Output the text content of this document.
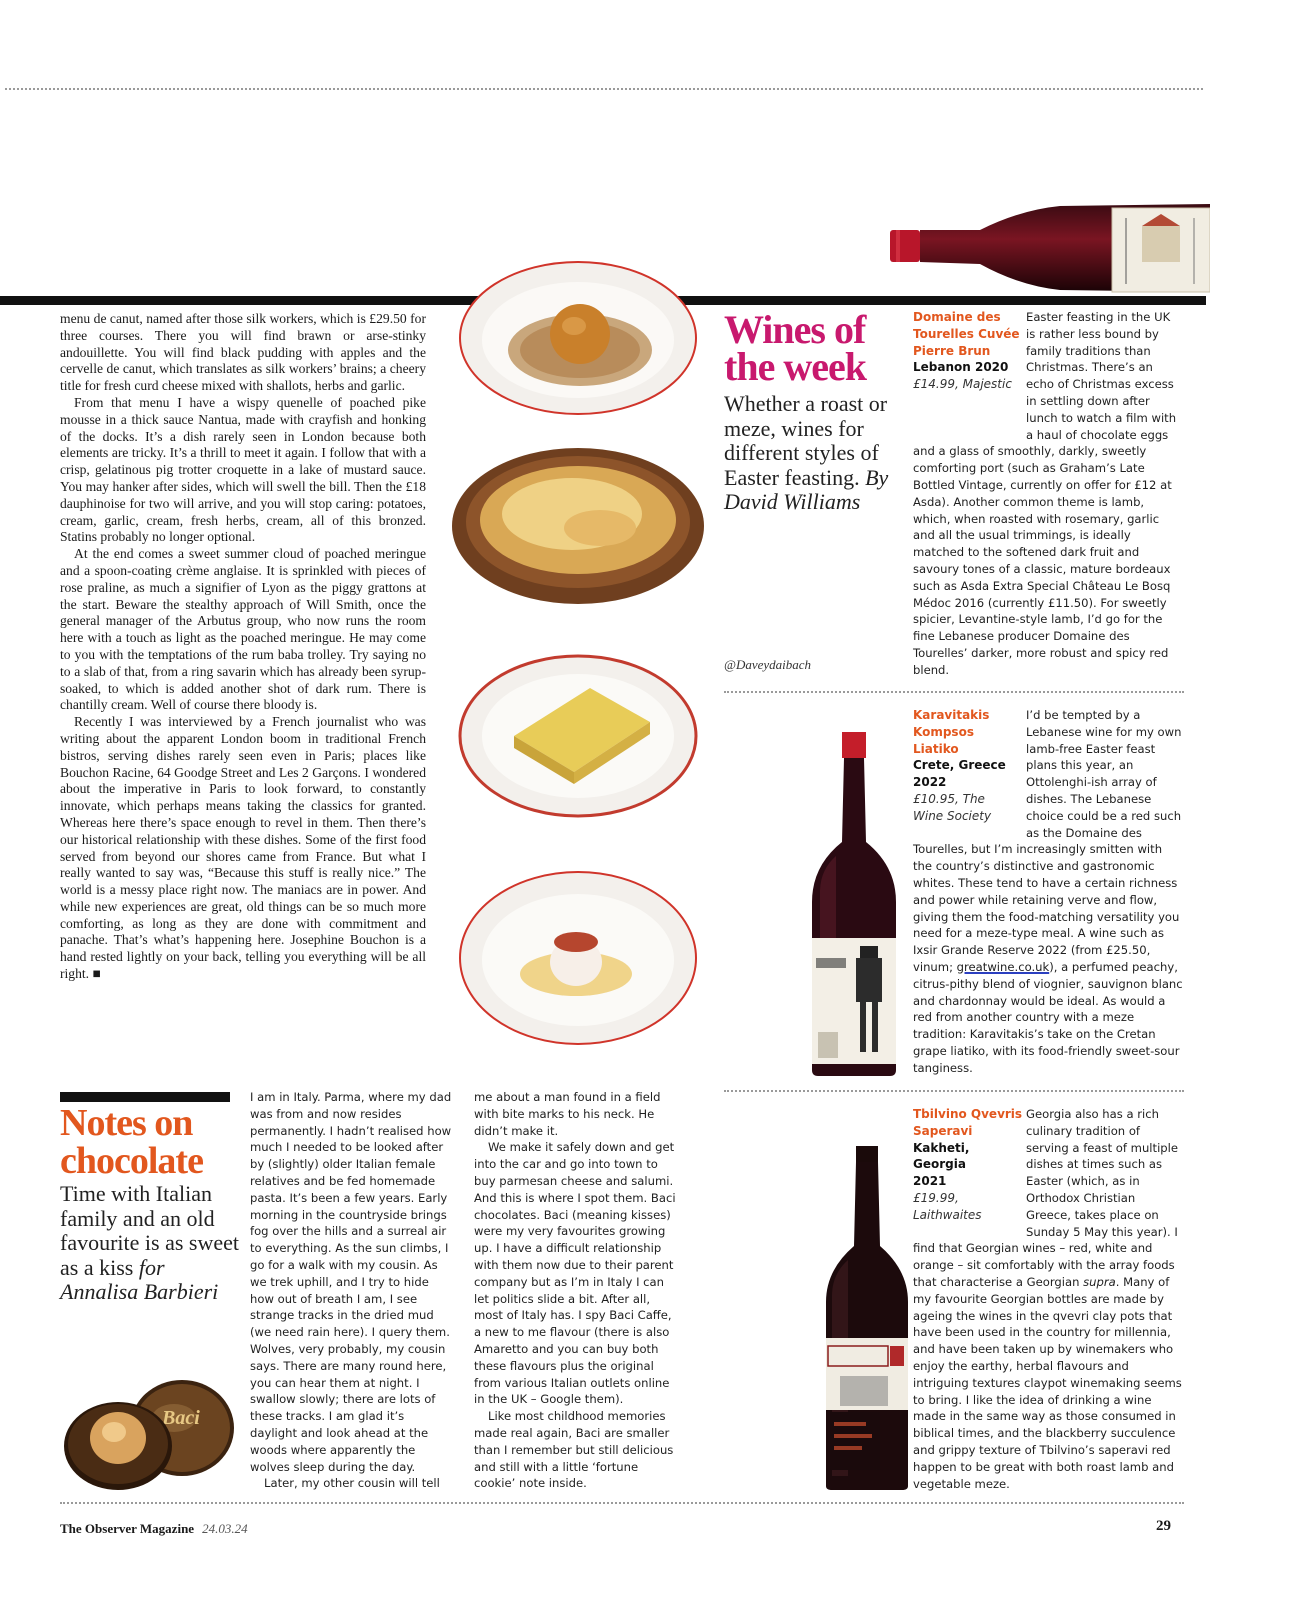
menu de canut, named after those silk workers, which is £29.50 for three courses. There you will find brawn or arse-stinky andouillette. You will find black pudding with apples and the cervelle de canut, which translates as silk workers’ brains; a cheery title for fresh curd cheese mixed with shallots, herbs and garlic.

From that menu I have a wispy quenelle of poached pike mousse in a thick sauce Nantua, made with crayfish and honking of the docks. It’s a dish rarely seen in London because both elements are tricky. It’s a thrill to meet it again. I follow that with a crisp, gelatinous pig trotter croquette in a lake of mustard sauce. You may hanker after sides, which will swell the bill. Then the £18 dauphinoise for two will arrive, and you will stop caring: potatoes, cream, garlic, cream, fresh herbs, cream, all of this bronzed. Statins probably no longer optional.

At the end comes a sweet summer cloud of poached meringue and a spoon-coating crème anglaise. It is sprinkled with pieces of rose praline, as much a signifier of Lyon as the piggy grattons at the start. Beware the stealthy approach of Will Smith, once the general manager of the Arbutus group, who now runs the room here with a touch as light as the poached meringue. He may come to you with the temptations of the rum baba trolley. Try saying no to a slab of that, from a ring savarin which has already been syrup-soaked, to which is added another shot of dark rum. There is chantilly cream. Well of course there bloody is.

Recently I was interviewed by a French journalist who was writing about the apparent London boom in traditional French bistros, serving dishes rarely seen even in Paris; places like Bouchon Racine, 64 Goodge Street and Les 2 Garçons. I wondered about the imperative in Paris to look forward, to constantly innovate, which perhaps means taking the classics for granted. Whereas here there’s space enough to revel in them. Then there’s our historical relationship with these dishes. Some of the first food served from beyond our shores came from France. But what I really wanted to say was, “Because this stuff is really nice.” The world is a messy place right now. The maniacs are in power. And while new experiences are great, old things can be so much more comforting, as long as they are done with commitment and panache. That’s what’s happening here. Josephine Bouchon is a hand rested lightly on your back, telling you everything will be all right. ■

Wines of
the week
Whether a roast or meze, wines for different styles of Easter feasting. By David Williams
@Daveydaibach
Domaine des
Tourelles Cuvée
Pierre Brun
Lebanon 2020
£14.99, Majestic
Easter feasting in the UK is rather less bound by family traditions than Christmas. There’s an echo of Christmas excess in settling down after lunch to watch a film with a haul of chocolate eggs and a glass of smoothly, darkly, sweetly comforting port (such as Graham’s Late Bottled Vintage, currently on offer for £12 at Asda). Another common theme is lamb, which, when roasted with rosemary, garlic and all the usual trimmings, is ideally matched to the softened dark fruit and savoury tones of a classic, mature bordeaux such as Asda Extra Special Château Le Bosq Médoc 2016 (currently £11.50). For sweetly spicier, Levantine-style lamb, I’d go for the fine Lebanese producer Domaine des Tourelles’ darker, more robust and spicy red blend.
Karavitakis
Kompsos Liatiko
Crete, Greece
2022
£10.95, The
Wine Society
I’d be tempted by a Lebanese wine for my own lamb-free Easter feast plans this year, an Ottolenghi-ish array of dishes. The Lebanese choice could be a red such as the Domaine des Tourelles, but I’m increasingly smitten with the country’s distinctive and gastronomic whites. These tend to have a certain richness and power while retaining verve and flow, giving them the food-matching versatility you need for a meze-type meal. A wine such as Ixsir Grande Reserve 2022 (from £25.50, vinum; greatwine.co.uk), a perfumed peachy, citrus-pithy blend of viognier, sauvignon blanc and chardonnay would be ideal. As would a red from another country with a meze tradition: Karavitakis’s take on the Cretan grape liatiko, with its food-friendly sweet-sour tanginess.
Tbilvino Qvevris
Saperavi
Kakheti, Georgia
2021
£19.99,
Laithwaites
Georgia also has a rich culinary tradition of serving a feast of multiple dishes at times such as Easter (which, as in Orthodox Christian Greece, takes place on Sunday 5 May this year). I find that Georgian wines – red, white and orange – sit comfortably with the array foods that characterise a Georgian supra. Many of my favourite Georgian bottles are made by ageing the wines in the qvevri clay pots that have been used in the country for millennia, and have been taken up by winemakers who enjoy the earthy, herbal flavours and intriguing textures claypot winemaking seems to bring. I like the idea of drinking a wine made in the same way as those consumed in biblical times, and the blackberry succulence and grippy texture of Tbilvino’s saperavi red happen to be great with both roast lamb and vegetable meze.
Notes on
chocolate
Time with Italian family and an old favourite is as sweet as a kiss for Annalisa Barbieri
Baci

I am in Italy. Parma, where my dad was from and now resides permanently. I hadn’t realised how much I needed to be looked after by (slightly) older Italian female relatives and be fed homemade pasta. It’s been a few years. Early morning in the countryside brings fog over the hills and a surreal air to everything. As the sun climbs, I go for a walk with my cousin. As we trek uphill, and I try to hide how out of breath I am, I see strange tracks in the dried mud (we need rain here). I query them. Wolves, very probably, my cousin says. There are many round here, you can hear them at night. I swallow slowly; there are lots of these tracks. I am glad it’s daylight and look ahead at the woods where apparently the wolves sleep during the day.

Later, my other cousin will tell

me about a man found in a field with bite marks to his neck. He didn’t make it.

We make it safely down and get into the car and go into town to buy parmesan cheese and salumi. And this is where I spot them. Baci chocolates. Baci (meaning kisses) were my very favourites growing up. I have a difficult relationship with them now due to their parent company but as I’m in Italy I can let politics slide a bit. After all, most of Italy has. I spy Baci Caffe, a new to me flavour (there is also Amaretto and you can buy both these flavours plus the original from various Italian outlets online in the UK – Google them).

Like most childhood memories made real again, Baci are smaller than I remember but still delicious and still with a little ‘fortune cookie’ note inside.

The Observer Magazine 24.03.24	29
